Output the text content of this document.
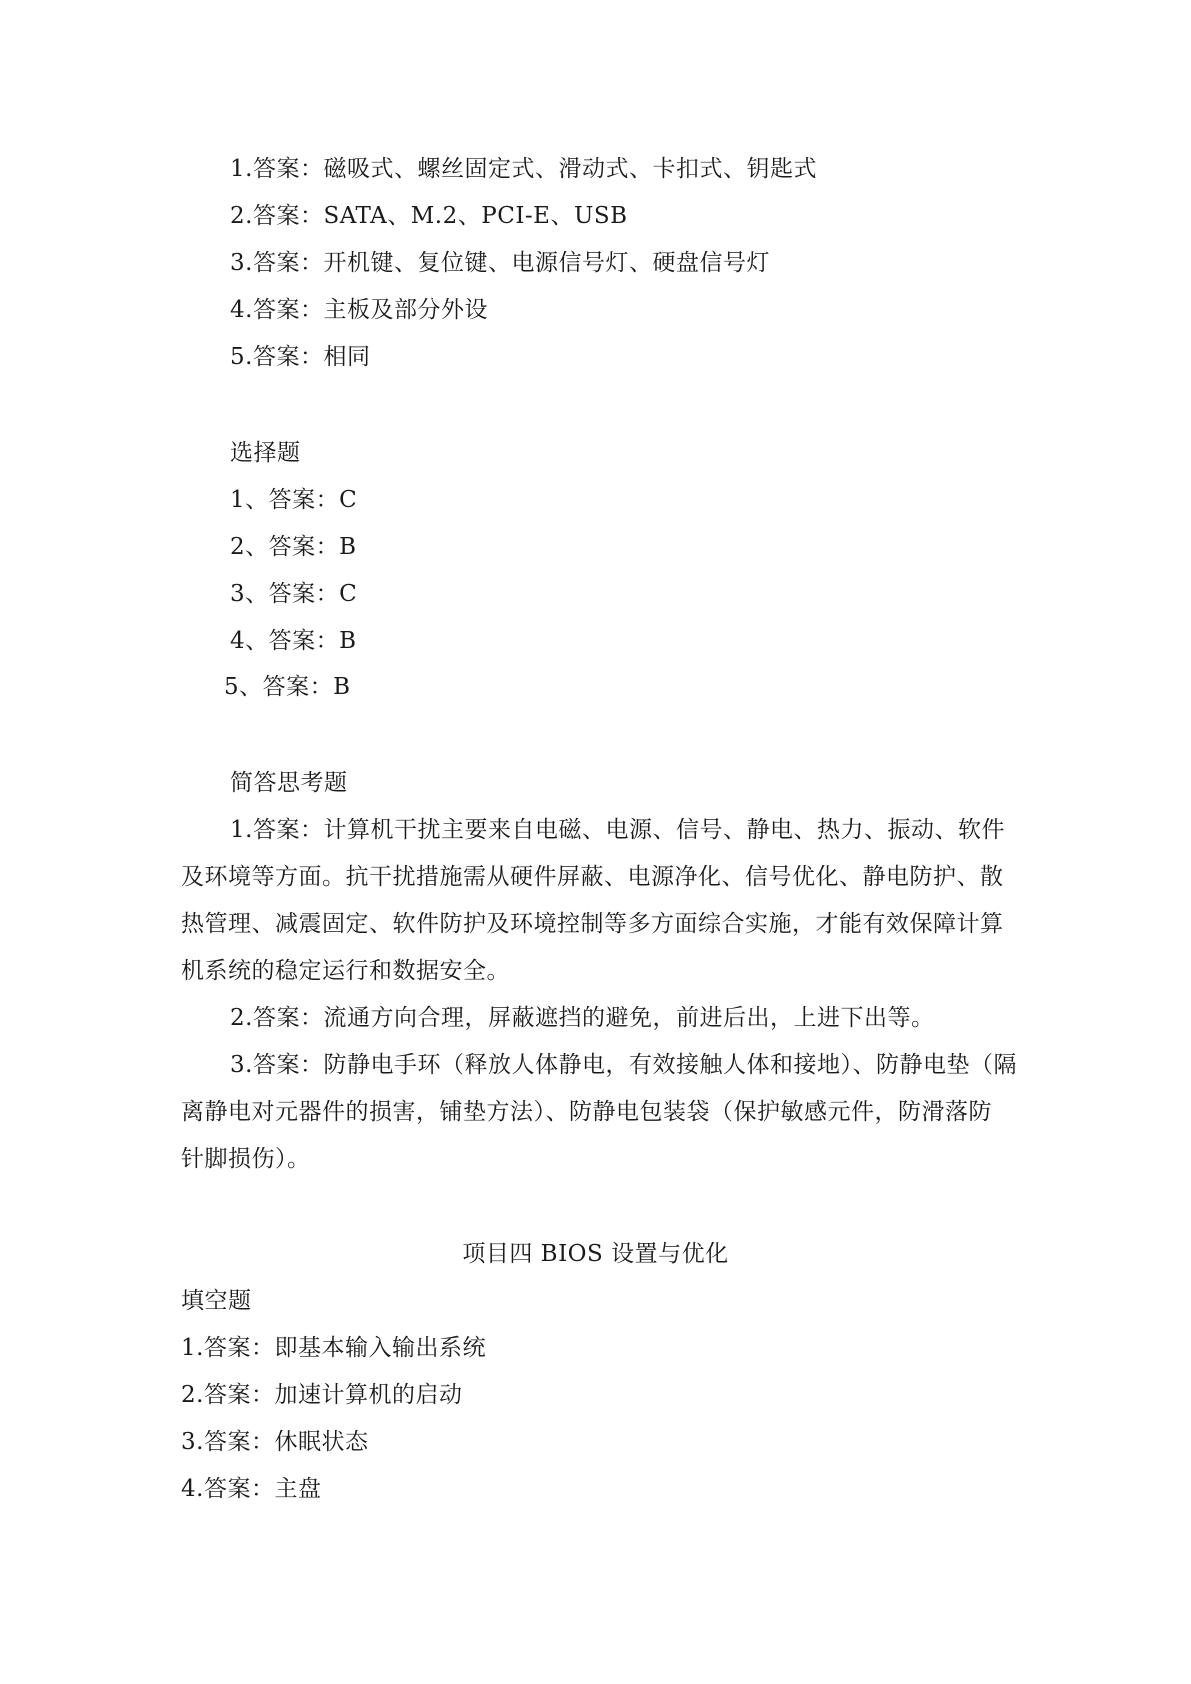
1.答案：磁吸式、螺丝固定式、滑动式、卡扣式、钥匙式
2.答案：SATA、M.2、PCI-E、USB
3.答案：开机键、复位键、电源信号灯、硬盘信号灯
4.答案：主板及部分外设
5.答案：相同
选择题
1、答案：C
2、答案：B
3、答案：C
4、答案：B
5、答案：B
简答思考题
1.答案：计算机干扰主要来自电磁、电源、信号、静电、热力、振动、软件
及环境等方面。抗干扰措施需从硬件屏蔽、电源净化、信号优化、静电防护、散
热管理、减震固定、软件防护及环境控制等多方面综合实施，才能有效保障计算
机系统的稳定运行和数据安全。
2.答案：流通方向合理，屏蔽遮挡的避免，前进后出，上进下出等。
3.答案：防静电手环（释放人体静电，有效接触人体和接地）、防静电垫（隔
离静电对元器件的损害，铺垫方法）、防静电包装袋（保护敏感元件，防滑落防
针脚损伤）。
项目四 BIOS 设置与优化
填空题
1.答案：即基本输入输出系统
2.答案：加速计算机的启动
3.答案：休眠状态
4.答案：主盘
